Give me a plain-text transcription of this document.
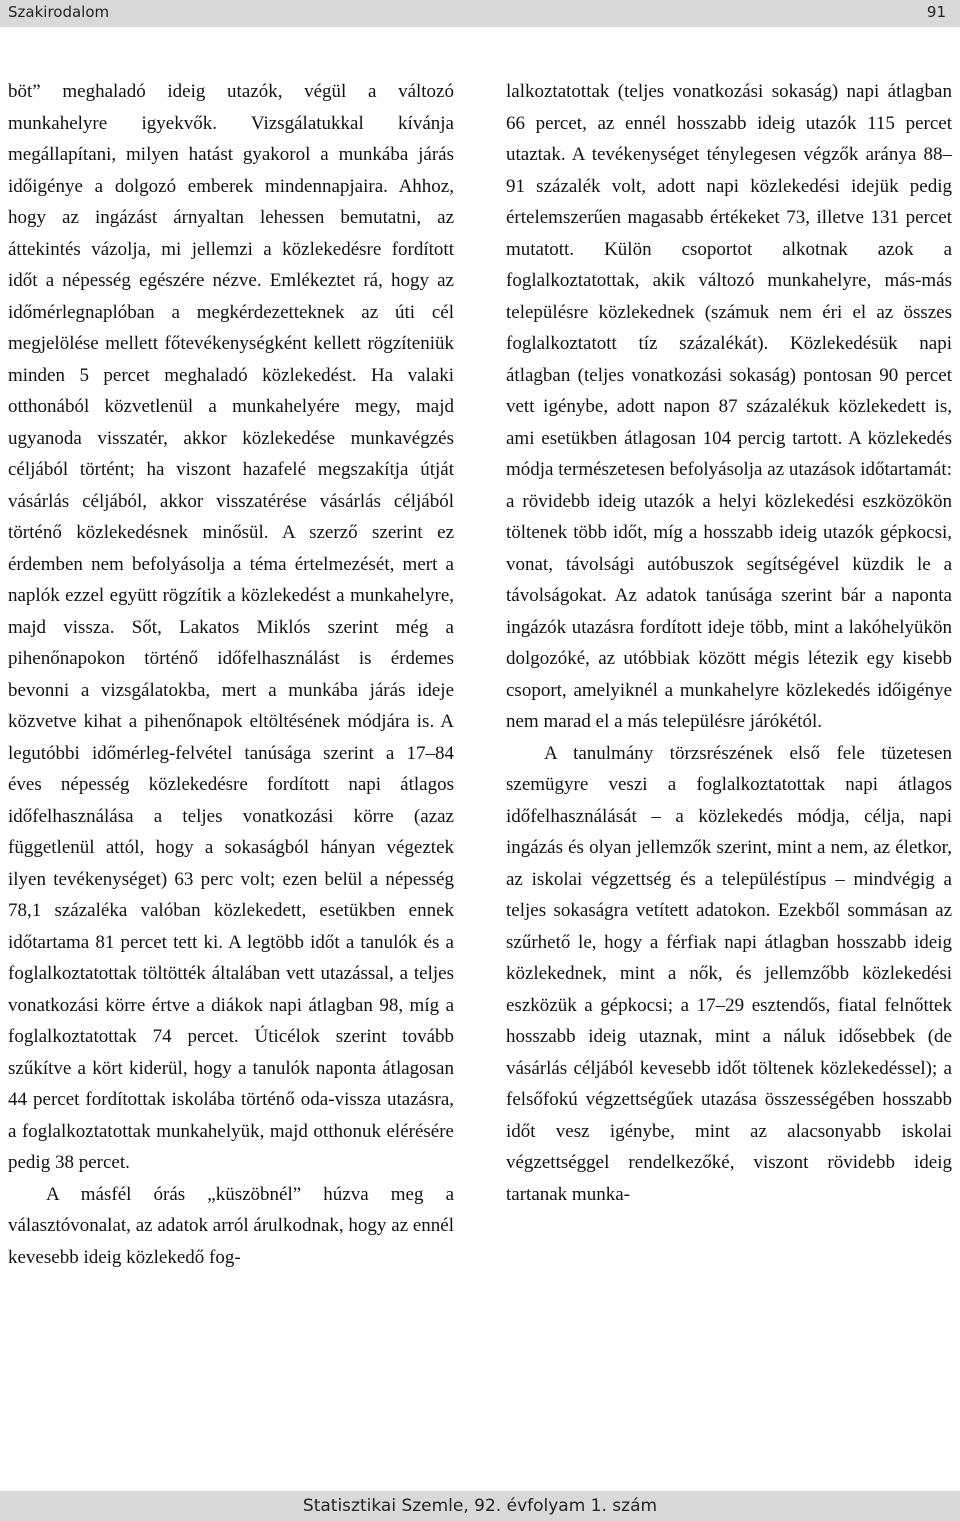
Szakirodalom	91

böt” meghaladó ideig utazók, végül a változó munkahelyre igyekvők. Vizsgálatukkal kívánja megállapítani, milyen hatást gyakorol a munkába járás időigénye a dolgozó emberek mindennapjaira. Ahhoz, hogy az ingázást árnyaltan lehessen bemutatni, az áttekintés vázolja, mi jellemzi a közlekedésre fordított időt a népesség egészére nézve. Emlékeztet rá, hogy az időmérlegnaplóban a megkérdezetteknek az úti cél megjelölése mellett főtevékenységként kellett rögzíteniük minden 5 percet meghaladó közlekedést. Ha valaki otthonából közvetlenül a munkahelyére megy, majd ugyanoda visszatér, akkor közlekedése munkavégzés céljából történt; ha viszont hazafelé megszakítja útját vásárlás céljából, akkor visszatérése vásárlás céljából történő közlekedésnek minősül. A szerző szerint ez érdemben nem befolyásolja a téma értelmezését, mert a naplók ezzel együtt rögzítik a közlekedést a munkahelyre, majd vissza. Sőt, Lakatos Miklós szerint még a pihenőnapokon történő időfelhasználást is érdemes bevonni a vizsgálatokba, mert a munkába járás ideje közvetve kihat a pihenőnapok eltöltésének módjára is. A legutóbbi időmérleg-felvétel tanúsága szerint a 17–84 éves népesség közlekedésre fordított napi átlagos időfelhasználása a teljes vonatkozási körre (azaz függetlenül attól, hogy a sokaságból hányan végeztek ilyen tevékenységet) 63 perc volt; ezen belül a népesség 78,1 százaléka valóban közlekedett, esetükben ennek időtartama 81 percet tett ki. A legtöbb időt a tanulók és a foglalkoztatottak töltötték általában vett utazással, a teljes vonatkozási körre értve a diákok napi átlagban 98, míg a foglalkoztatottak 74 percet. Úticélok szerint tovább szűkítve a kört kiderül, hogy a tanulók naponta átlagosan 44 percet fordítottak iskolába történő oda-vissza utazásra, a foglalkoztatottak munkahelyük, majd otthonuk elérésére pedig 38 percet.

A másfél órás „küszöbnél” húzva meg a választóvonalat, az adatok arról árulkodnak, hogy az ennél kevesebb ideig közlekedő fog-

lalkoztatottak (teljes vonatkozási sokaság) napi átlagban 66 percet, az ennél hosszabb ideig utazók 115 percet utaztak. A tevékenységet ténylegesen végzők aránya 88–91 százalék volt, adott napi közlekedési idejük pedig értelemszerűen magasabb értékeket 73, illetve 131 percet mutatott. Külön csoportot alkotnak azok a foglalkoztatottak, akik változó munkahelyre, más-más településre közlekednek (számuk nem éri el az összes foglalkoztatott tíz százalékát). Közlekedésük napi átlagban (teljes vonatkozási sokaság) pontosan 90 percet vett igénybe, adott napon 87 százalékuk közlekedett is, ami esetükben átlagosan 104 percig tartott. A közlekedés módja természetesen befolyásolja az utazások időtartamát: a rövidebb ideig utazók a helyi közlekedési eszközökön töltenek több időt, míg a hosszabb ideig utazók gépkocsi, vonat, távolsági autóbuszok segítségével küzdik le a távolságokat. Az adatok tanúsága szerint bár a naponta ingázók utazásra fordított ideje több, mint a lakóhelyükön dolgozóké, az utóbbiak között mégis létezik egy kisebb csoport, amelyiknél a munkahelyre közlekedés időigénye nem marad el a más településre járókétól.

A tanulmány törzsrészének első fele tüzetesen szemügyre veszi a foglalkoztatottak napi átlagos időfelhasználását – a közlekedés módja, célja, napi ingázás és olyan jellemzők szerint, mint a nem, az életkor, az iskolai végzettség és a településtípus – mindvégig a teljes sokaságra vetített adatokon. Ezekből sommásan az szűrhető le, hogy a férfiak napi átlagban hosszabb ideig közlekednek, mint a nők, és jellemzőbb közlekedési eszközük a gépkocsi; a 17–29 esztendős, fiatal felnőttek hosszabb ideig utaznak, mint a náluk idősebbek (de vásárlás céljából kevesebb időt töltenek közlekedéssel); a felsőfokú végzettségűek utazása összességében hosszabb időt vesz igénybe, mint az alacsonyabb iskolai végzettséggel rendelkezőké, viszont rövidebb ideig tartanak munka-

Statisztikai Szemle, 92. évfolyam 1. szám
